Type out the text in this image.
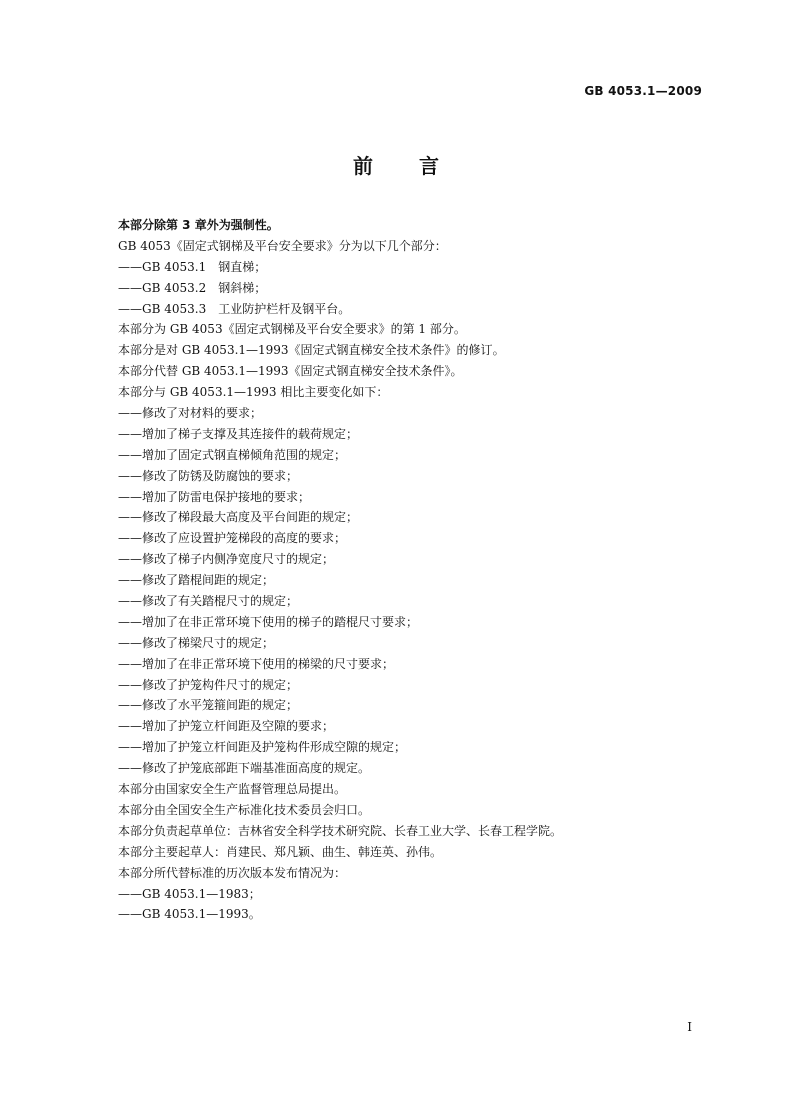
GB 4053.1—2009
前言
本部分除第 3 章外为强制性。
GB 4053《固定式钢梯及平台安全要求》分为以下几个部分：
——GB 4053.1　钢直梯；
——GB 4053.2　钢斜梯；
——GB 4053.3　工业防护栏杆及钢平台。
本部分为 GB 4053《固定式钢梯及平台安全要求》的第 1 部分。
本部分是对 GB 4053.1—1993《固定式钢直梯安全技术条件》的修订。
本部分代替 GB 4053.1—1993《固定式钢直梯安全技术条件》。
本部分与 GB 4053.1—1993 相比主要变化如下：
——修改了对材料的要求；
——增加了梯子支撑及其连接件的载荷规定；
——增加了固定式钢直梯倾角范围的规定；
——修改了防锈及防腐蚀的要求；
——增加了防雷电保护接地的要求；
——修改了梯段最大高度及平台间距的规定；
——修改了应设置护笼梯段的高度的要求；
——修改了梯子内侧净宽度尺寸的规定；
——修改了踏棍间距的规定；
——修改了有关踏棍尺寸的规定；
——增加了在非正常环境下使用的梯子的踏棍尺寸要求；
——修改了梯梁尺寸的规定；
——增加了在非正常环境下使用的梯梁的尺寸要求；
——修改了护笼构件尺寸的规定；
——修改了水平笼箍间距的规定；
——增加了护笼立杆间距及空隙的要求；
——增加了护笼立杆间距及护笼构件形成空隙的规定；
——修改了护笼底部距下端基准面高度的规定。
本部分由国家安全生产监督管理总局提出。
本部分由全国安全生产标准化技术委员会归口。
本部分负责起草单位：吉林省安全科学技术研究院、长春工业大学、长春工程学院。
本部分主要起草人：肖建民、郑凡颖、曲生、韩连英、孙伟。
本部分所代替标准的历次版本发布情况为：
——GB 4053.1—1983；
——GB 4053.1—1993。
I
